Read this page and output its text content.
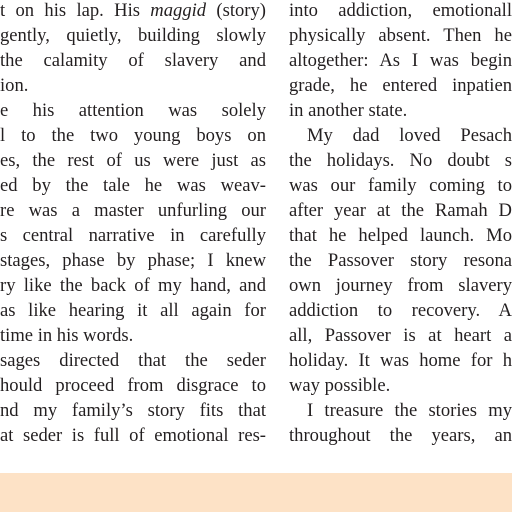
t on his lap. His maggid (story)
gently, quietly, building slowly
the calamity of slavery and
ion.
e his attention was solely
l to the two young boys on
es, the rest of us were just as
ed by the tale he was weav-
re was a master unfurling our
s central narrative in carefully
stages, phase by phase; I knew
ry like the back of my hand, and
as like hearing it all again for
time in his words.
sages directed that the seder
hould proceed from disgrace to
nd my family’s story fits that
at seder is full of emotional res-
into addiction, emotionall
physically absent. Then he
altogether: As I was begin
grade, he entered inpatien
in another state.
My dad loved Pesach
the holidays. No doubt s
was our family coming to
after year at the Ramah D
that he helped launch. Mo
the Passover story resona
own journey from slavery
addiction to recovery. A
all, Passover is at heart a
holiday. It was home for h
way possible.
I treasure the stories my
throughout the years, an
